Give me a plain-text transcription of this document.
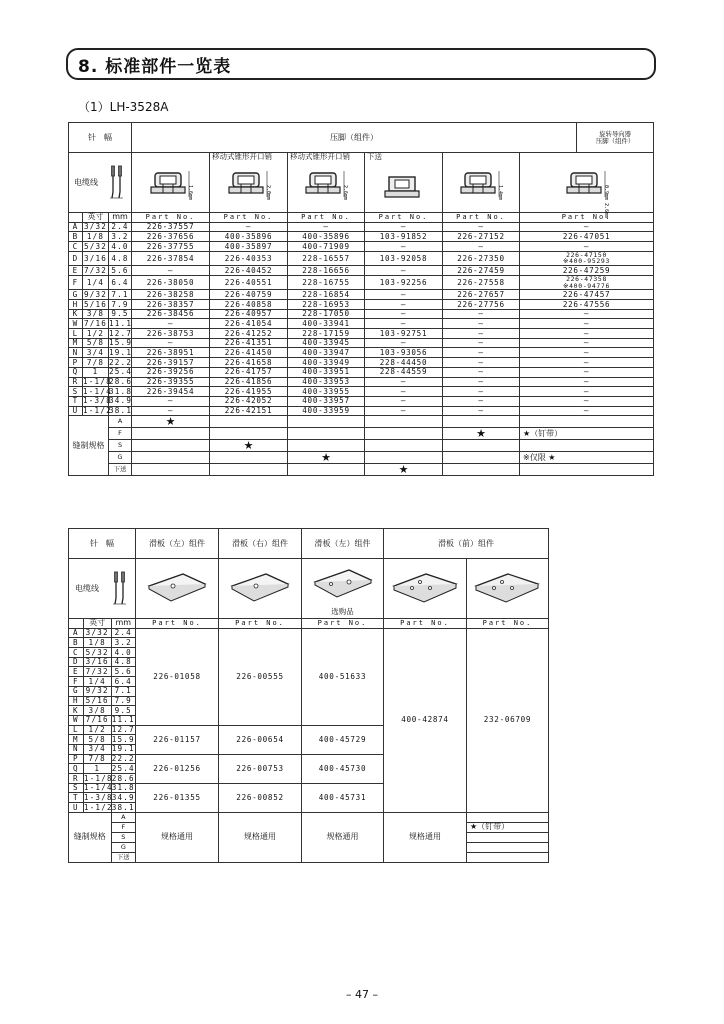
8. 标准部件一览表
（1）LH-3528A
针　幅			压脚（组件）						旋转导向器
压脚（组件）

电缆线			1.6mm	移动式锥形开口销
2.0mm	移动式锥形开口销
2.6mm	下送	1.4mm	0.9mm 2.6mm	

	英寸	mm	Part No.	Part No.	Part No.	Part No.	Part No.	Part No.	
A	3/32	2.4	226-37557	—	—	—	—	—	
B	1/8	3.2	226-37656	400-35896	400-35896	103-91852	226-27152	226-47051	
C	5/32	4.0	226-37755	400-35897	400-71909	—	—	—	
D	3/16	4.8	226-37854	226-40353	228-16557	103-92058	226-27350	226-47150
※400-95293	
E	7/32	5.6	—	226-40452	228-16656	—	226-27459	226-47259	
F	1/4	6.4	226-38050	226-40551	228-16755	103-92256	226-27558	226-47358
※400-94776	
G	9/32	7.1	226-38258	226-40759	228-16854	—	226-27657	226-47457	
H	5/16	7.9	226-38357	226-40858	228-16953	—	226-27756	226-47556	
K	3/8	9.5	226-38456	226-40957	228-17050	—	—	—	
W	7/16	11.1	—	226-41054	400-33941	—	—	—	
L	1/2	12.7	226-38753	226-41252	228-17159	103-92751	—	—	
M	5/8	15.9	—	226-41351	400-33945	—	—	—	
N	3/4	19.1	226-38951	226-41450	400-33947	103-93056	—	—	
P	7/8	22.2	226-39157	226-41658	400-33949	228-44450	—	—	
Q	1	25.4	226-39256	226-41757	400-33951	228-44559	—	—	
R	1-1/8	28.6	226-39355	226-41856	400-33953	—	—	—	
S	1-1/4	31.8	226-39454	226-41955	400-33955	—	—	—	
T	1-3/8	34.9	—	226-42052	400-33957	—	—	—	
U	1-1/2	38.1	—	226-42151	400-33959	—	—	—	
缝制规格		A	★						
		F					★	★（钉带）	
		S		★					
		G			★			※仅限 ★	
		下送				★			
针　幅			滑板（左）组件	滑板（右）组件	滑板（左）组件	滑板（前）组件	

电缆线					选购品

	英寸	mm	Part No.	Part No.	Part No.	Part No.	Part No.
A	3/32	2.4	226-01058	226-00555	400-51633	400-42874	232-06709
B	1/8	3.2					
C	5/32	4.0					
D	3/16	4.8					
E	7/32	5.6					
F	1/4	6.4					
G	9/32	7.1					
H	5/16	7.9					
K	3/8	9.5					
W	7/16	11.1					
L	1/2	12.7	226-01157	226-00654	400-45729		
M	5/8	15.9					
N	3/4	19.1					
P	7/8	22.2	226-01256	226-00753	400-45730		
Q	1	25.4					
R	1-1/8	28.6					
S	1-1/4	31.8	226-01355	226-00852	400-45731		
T	1-3/8	34.9					
U	1-1/2	38.1					
缝制规格		A	规格通用	规格通用	规格通用	规格通用	
		F					★（钉带）
		S					
		G					
		下送					
– 47 –
